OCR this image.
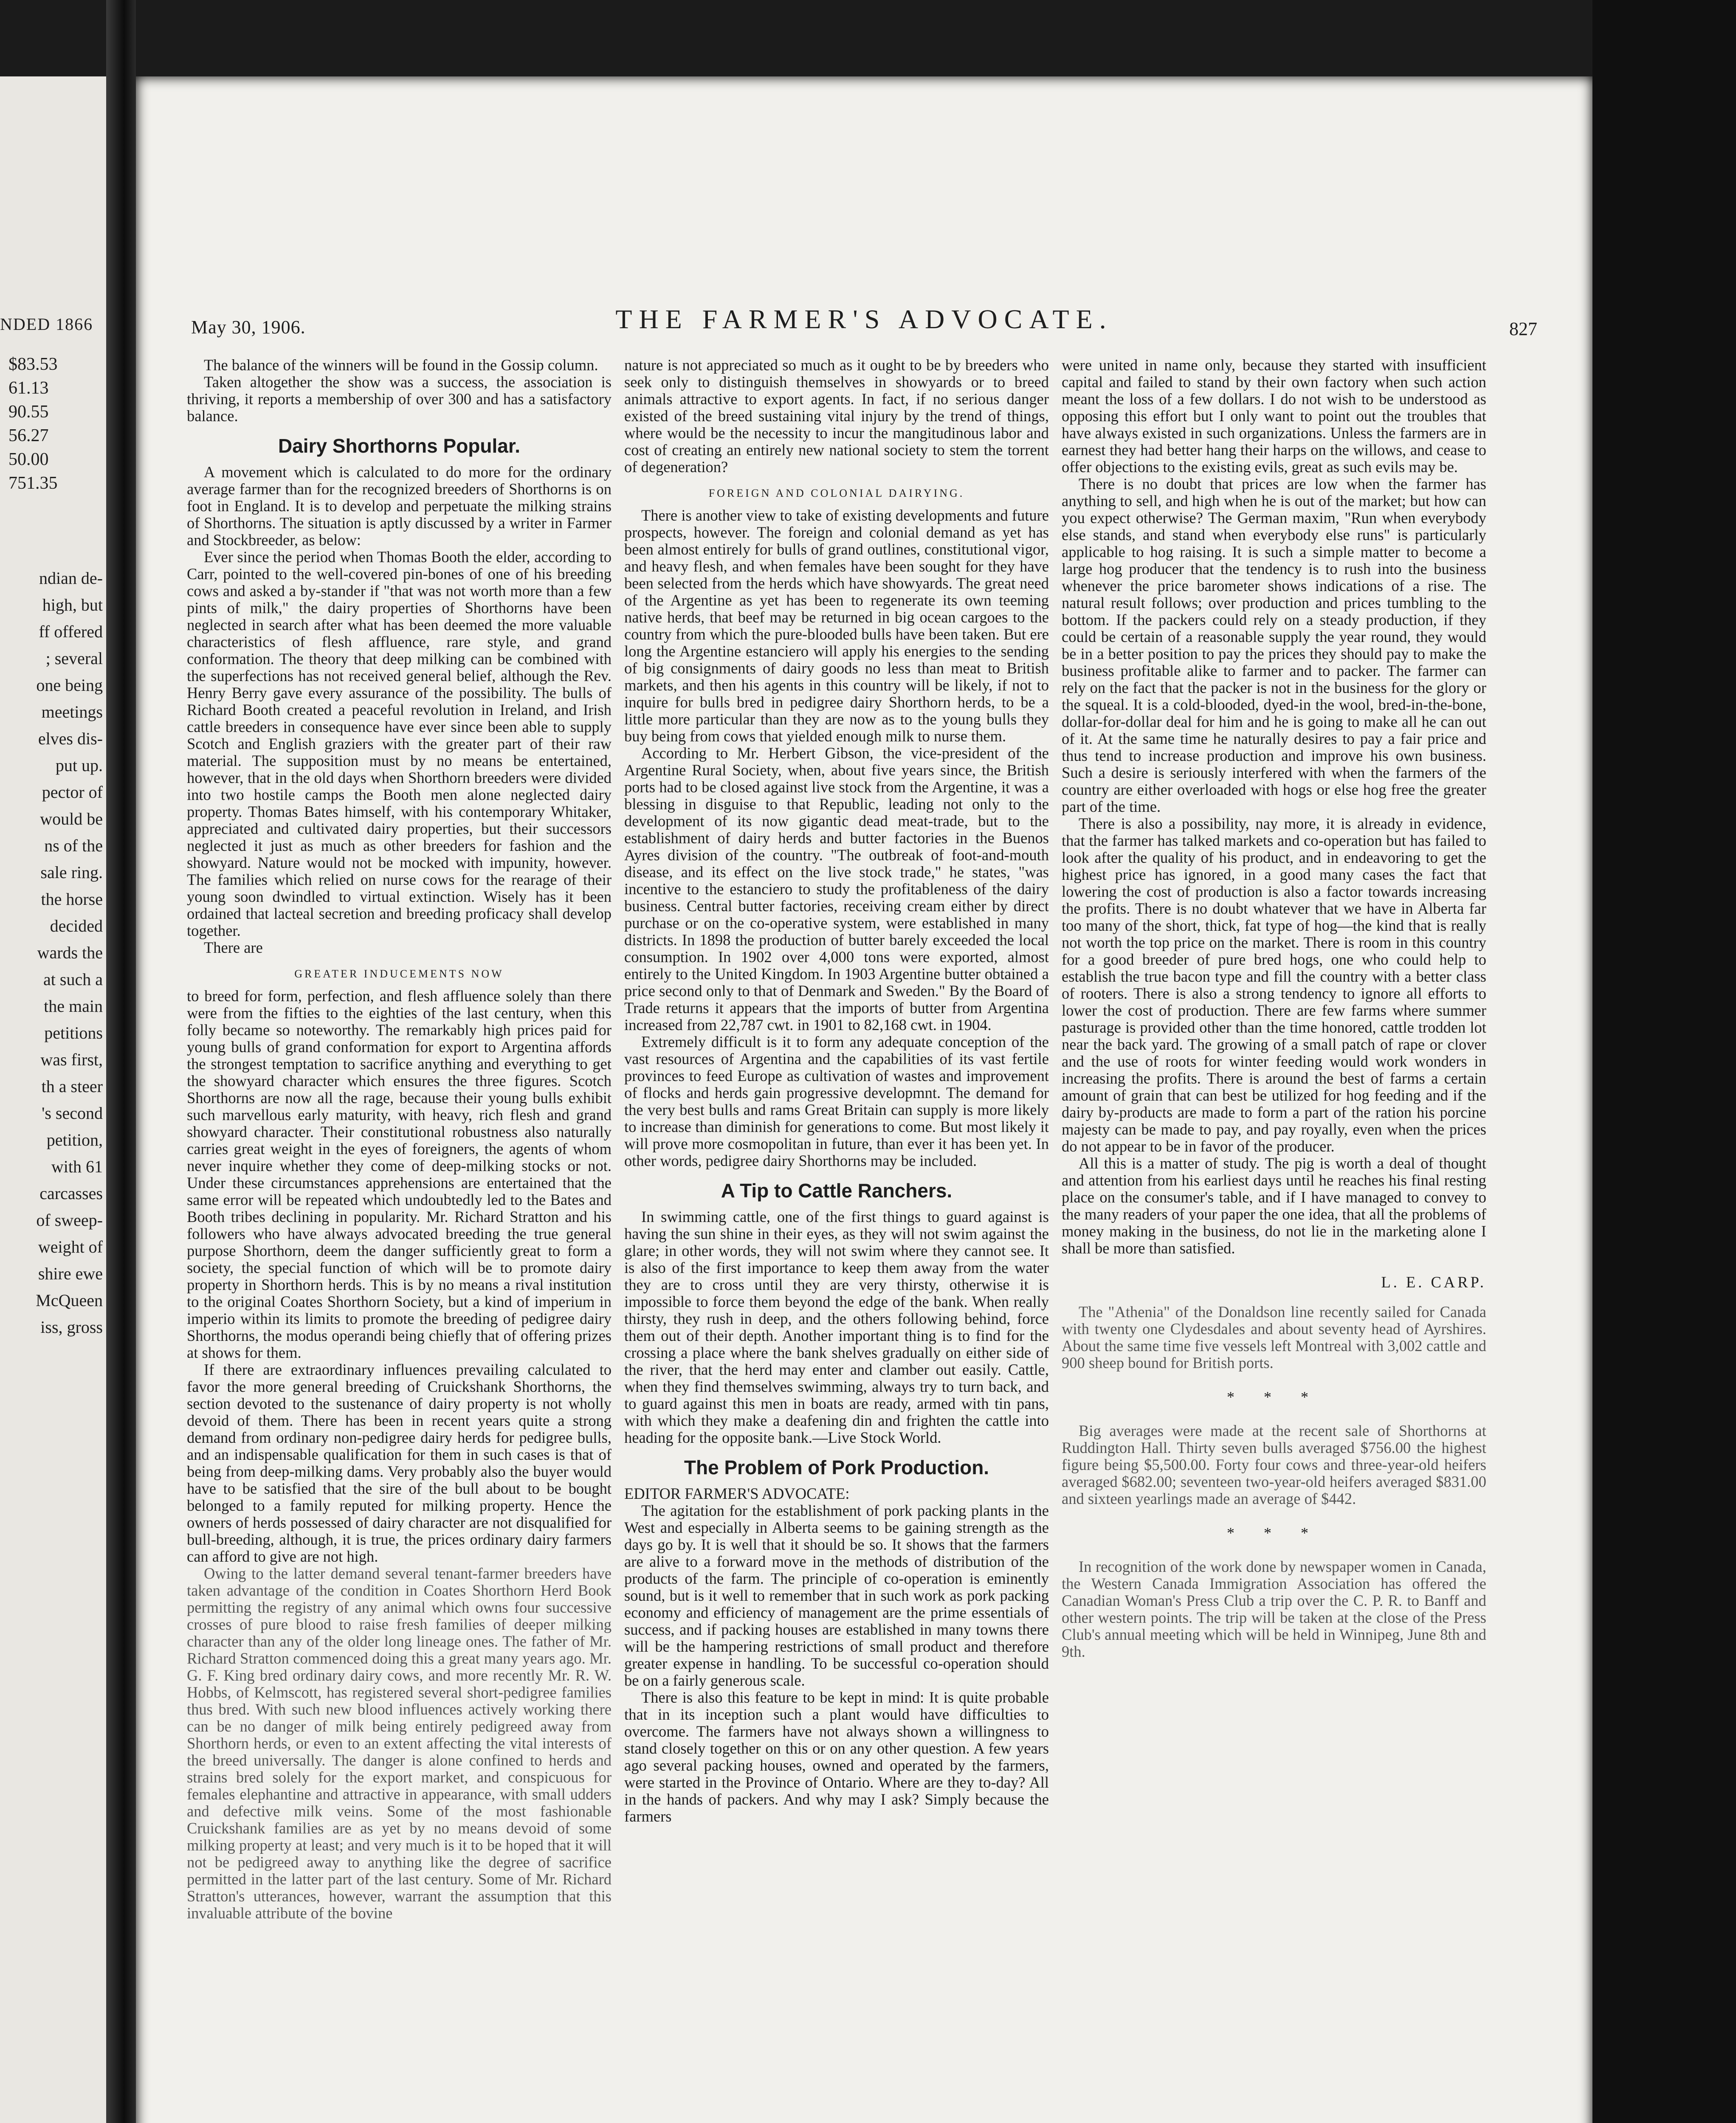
NDED 1866
$83.53
61.13
90.55
56.27
50.00
751.35
ndian de-
high, but
ff offered
; several
one being
meetings
elves dis-
put up.
pector of
would be
ns of the
sale ring.
the horse
decided
wards the
at such a
the main
petitions
was first,
th a steer
's second
petition,
with 61
carcasses
of sweep-
weight of
shire ewe
McQueen
iss, gross
May 30, 1906.	THE FARMER'S ADVOCATE.	827

The balance of the winners will be found in the Gossip column.

Taken altogether the show was a success, the association is thriving, it reports a membership of over 300 and has a satisfactory balance.

Dairy Shorthorns Popular.

A movement which is calculated to do more for the ordinary average farmer than for the recognized breeders of Shorthorns is on foot in England. It is to develop and perpetuate the milking strains of Shorthorns. The situation is aptly discussed by a writer in Farmer and Stockbreeder, as below:

Ever since the period when Thomas Booth the elder, according to Carr, pointed to the well-covered pin-bones of one of his breeding cows and asked a by-stander if "that was not worth more than a few pints of milk," the dairy properties of Shorthorns have been neglected in search after what has been deemed the more valuable characteristics of flesh affluence, rare style, and grand conformation. The theory that deep milking can be combined with the superfections has not received general belief, although the Rev. Henry Berry gave every assurance of the possibility. The bulls of Richard Booth created a peaceful revolution in Ireland, and Irish cattle breeders in consequence have ever since been able to supply Scotch and English graziers with the greater part of their raw material. The supposition must by no means be entertained, however, that in the old days when Shorthorn breeders were divided into two hostile camps the Booth men alone neglected dairy property. Thomas Bates himself, with his contemporary Whitaker, appreciated and cultivated dairy properties, but their successors neglected it just as much as other breeders for fashion and the showyard. Nature would not be mocked with impunity, however. The families which relied on nurse cows for the rearage of their young soon dwindled to virtual extinction. Wisely has it been ordained that lacteal secretion and breeding proficacy shall develop together.

There are

GREATER INDUCEMENTS NOW

to breed for form, perfection, and flesh affluence solely than there were from the fifties to the eighties of the last century, when this folly became so noteworthy. The remarkably high prices paid for young bulls of grand conformation for export to Argentina affords the strongest temptation to sacrifice anything and everything to get the showyard character which ensures the three figures. Scotch Shorthorns are now all the rage, because their young bulls exhibit such marvellous early maturity, with heavy, rich flesh and grand showyard character. Their constitutional robustness also naturally carries great weight in the eyes of foreigners, the agents of whom never inquire whether they come of deep-milking stocks or not. Under these circumstances apprehensions are entertained that the same error will be repeated which undoubtedly led to the Bates and Booth tribes declining in popularity. Mr. Richard Stratton and his followers who have always advocated breeding the true general purpose Shorthorn, deem the danger sufficiently great to form a society, the special function of which will be to promote dairy property in Shorthorn herds. This is by no means a rival institution to the original Coates Shorthorn Society, but a kind of imperium in imperio within its limits to promote the breeding of pedigree dairy Shorthorns, the modus operandi being chiefly that of offering prizes at shows for them.

If there are extraordinary influences prevailing calculated to favor the more general breeding of Cruickshank Shorthorns, the section devoted to the sustenance of dairy property is not wholly devoid of them. There has been in recent years quite a strong demand from ordinary non-pedigree dairy herds for pedigree bulls, and an indispensable qualification for them in such cases is that of being from deep-milking dams. Very probably also the buyer would have to be satisfied that the sire of the bull about to be bought belonged to a family reputed for milking property. Hence the owners of herds possessed of dairy character are not disqualified for bull-breeding, although, it is true, the prices ordinary dairy farmers can afford to give are not high.

Owing to the latter demand several tenant-farmer breeders have taken advantage of the condition in Coates Shorthorn Herd Book permitting the registry of any animal which owns four successive crosses of pure blood to raise fresh families of deeper milking character than any of the older long lineage ones. The father of Mr. Richard Stratton commenced doing this a great many years ago. Mr. G. F. King bred ordinary dairy cows, and more recently Mr. R. W. Hobbs, of Kelmscott, has registered several short-pedigree families thus bred. With such new blood influences actively working there can be no danger of milk being entirely pedigreed away from Shorthorn herds, or even to an extent affecting the vital interests of the breed universally. The danger is alone confined to herds and strains bred solely for the export market, and conspicuous for females elephantine and attractive in appearance, with small udders and defective milk veins. Some of the most fashionable Cruickshank families are as yet by no means devoid of some milking property at least; and very much is it to be hoped that it will not be pedigreed away to anything like the degree of sacrifice permitted in the latter part of the last century. Some of Mr. Richard Stratton's utterances, however, warrant the assumption that this invaluable attribute of the bovine

nature is not appreciated so much as it ought to be by breeders who seek only to distinguish themselves in showyards or to breed animals attractive to export agents. In fact, if no serious danger existed of the breed sustaining vital injury by the trend of things, where would be the necessity to incur the mangitudinous labor and cost of creating an entirely new national society to stem the torrent of degeneration?

FOREIGN AND COLONIAL DAIRYING.

There is another view to take of existing developments and future prospects, however. The foreign and colonial demand as yet has been almost entirely for bulls of grand outlines, constitutional vigor, and heavy flesh, and when females have been sought for they have been selected from the herds which have showyards. The great need of the Argentine as yet has been to regenerate its own teeming native herds, that beef may be returned in big ocean cargoes to the country from which the pure-blooded bulls have been taken. But ere long the Argentine estanciero will apply his energies to the sending of big consignments of dairy goods no less than meat to British markets, and then his agents in this country will be likely, if not to inquire for bulls bred in pedigree dairy Shorthorn herds, to be a little more particular than they are now as to the young bulls they buy being from cows that yielded enough milk to nurse them.

According to Mr. Herbert Gibson, the vice-president of the Argentine Rural Society, when, about five years since, the British ports had to be closed against live stock from the Argentine, it was a blessing in disguise to that Republic, leading not only to the development of its now gigantic dead meat-trade, but to the establishment of dairy herds and butter factories in the Buenos Ayres division of the country. "The outbreak of foot-and-mouth disease, and its effect on the live stock trade," he states, "was incentive to the estanciero to study the profitableness of the dairy business. Central butter factories, receiving cream either by direct purchase or on the co-operative system, were established in many districts. In 1898 the production of butter barely exceeded the local consumption. In 1902 over 4,000 tons were exported, almost entirely to the United Kingdom. In 1903 Argentine butter obtained a price second only to that of Denmark and Sweden." By the Board of Trade returns it appears that the imports of butter from Argentina increased from 22,787 cwt. in 1901 to 82,168 cwt. in 1904.

Extremely difficult is it to form any adequate conception of the vast resources of Argentina and the capabilities of its vast fertile provinces to feed Europe as cultivation of wastes and improvement of flocks and herds gain progressive developmnt. The demand for the very best bulls and rams Great Britain can supply is more likely to increase than diminish for generations to come. But most likely it will prove more cosmopolitan in future, than ever it has been yet. In other words, pedigree dairy Shorthorns may be included.

A Tip to Cattle Ranchers.

In swimming cattle, one of the first things to guard against is having the sun shine in their eyes, as they will not swim against the glare; in other words, they will not swim where they cannot see. It is also of the first importance to keep them away from the water they are to cross until they are very thirsty, otherwise it is impossible to force them beyond the edge of the bank. When really thirsty, they rush in deep, and the others following behind, force them out of their depth. Another important thing is to find for the crossing a place where the bank shelves gradually on either side of the river, that the herd may enter and clamber out easily. Cattle, when they find themselves swimming, always try to turn back, and to guard against this men in boats are ready, armed with tin pans, with which they make a deafening din and frighten the cattle into heading for the opposite bank.—Live Stock World.

The Problem of Pork Production.

EDITOR FARMER'S ADVOCATE:

The agitation for the establishment of pork packing plants in the West and especially in Alberta seems to be gaining strength as the days go by. It is well that it should be so. It shows that the farmers are alive to a forward move in the methods of distribution of the products of the farm. The principle of co-operation is eminently sound, but is it well to remember that in such work as pork packing economy and efficiency of management are the prime essentials of success, and if packing houses are established in many towns there will be the hampering restrictions of small product and therefore greater expense in handling. To be successful co-operation should be on a fairly generous scale.

There is also this feature to be kept in mind: It is quite probable that in its inception such a plant would have difficulties to overcome. The farmers have not always shown a willingness to stand closely together on this or on any other question. A few years ago several packing houses, owned and operated by the farmers, were started in the Province of Ontario. Where are they to-day? All in the hands of packers. And why may I ask? Simply because the farmers

were united in name only, because they started with insufficient capital and failed to stand by their own factory when such action meant the loss of a few dollars. I do not wish to be understood as opposing this effort but I only want to point out the troubles that have always existed in such organizations. Unless the farmers are in earnest they had better hang their harps on the willows, and cease to offer objections to the existing evils, great as such evils may be.

There is no doubt that prices are low when the farmer has anything to sell, and high when he is out of the market; but how can you expect otherwise? The German maxim, "Run when everybody else stands, and stand when everybody else runs" is particularly applicable to hog raising. It is such a simple matter to become a large hog producer that the tendency is to rush into the business whenever the price barometer shows indications of a rise. The natural result follows; over production and prices tumbling to the bottom. If the packers could rely on a steady production, if they could be certain of a reasonable supply the year round, they would be in a better position to pay the prices they should pay to make the business profitable alike to farmer and to packer. The farmer can rely on the fact that the packer is not in the business for the glory or the squeal. It is a cold-blooded, dyed-in the wool, bred-in-the-bone, dollar-for-dollar deal for him and he is going to make all he can out of it. At the same time he naturally desires to pay a fair price and thus tend to increase production and improve his own business. Such a desire is seriously interfered with when the farmers of the country are either overloaded with hogs or else hog free the greater part of the time.

There is also a possibility, nay more, it is already in evidence, that the farmer has talked markets and co-operation but has failed to look after the quality of his product, and in endeavoring to get the highest price has ignored, in a good many cases the fact that lowering the cost of production is also a factor towards increasing the profits. There is no doubt whatever that we have in Alberta far too many of the short, thick, fat type of hog—the kind that is really not worth the top price on the market. There is room in this country for a good breeder of pure bred hogs, one who could help to establish the true bacon type and fill the country with a better class of rooters. There is also a strong tendency to ignore all efforts to lower the cost of production. There are few farms where summer pasturage is provided other than the time honored, cattle trodden lot near the back yard. The growing of a small patch of rape or clover and the use of roots for winter feeding would work wonders in increasing the profits. There is around the best of farms a certain amount of grain that can best be utilized for hog feeding and if the dairy by-products are made to form a part of the ration his porcine majesty can be made to pay, and pay royally, even when the prices do not appear to be in favor of the producer.

All this is a matter of study. The pig is worth a deal of thought and attention from his earliest days until he reaches his final resting place on the consumer's table, and if I have managed to convey to the many readers of your paper the one idea, that all the problems of money making in the business, do not lie in the marketing alone I shall be more than satisfied.

L. E. CARP.

The "Athenia" of the Donaldson line recently sailed for Canada with twenty one Clydesdales and about seventy head of Ayrshires. About the same time five vessels left Montreal with 3,002 cattle and 900 sheep bound for British ports.

* * *

Big averages were made at the recent sale of Shorthorns at Ruddington Hall. Thirty seven bulls averaged $756.00 the highest figure being $5,500.00. Forty four cows and three-year-old heifers averaged $682.00; seventeen two-year-old heifers averaged $831.00 and sixteen yearlings made an average of $442.

* * *

In recognition of the work done by newspaper women in Canada, the Western Canada Immigration Association has offered the Canadian Woman's Press Club a trip over the C. P. R. to Banff and other western points. The trip will be taken at the close of the Press Club's annual meeting which will be held in Winnipeg, June 8th and 9th.
